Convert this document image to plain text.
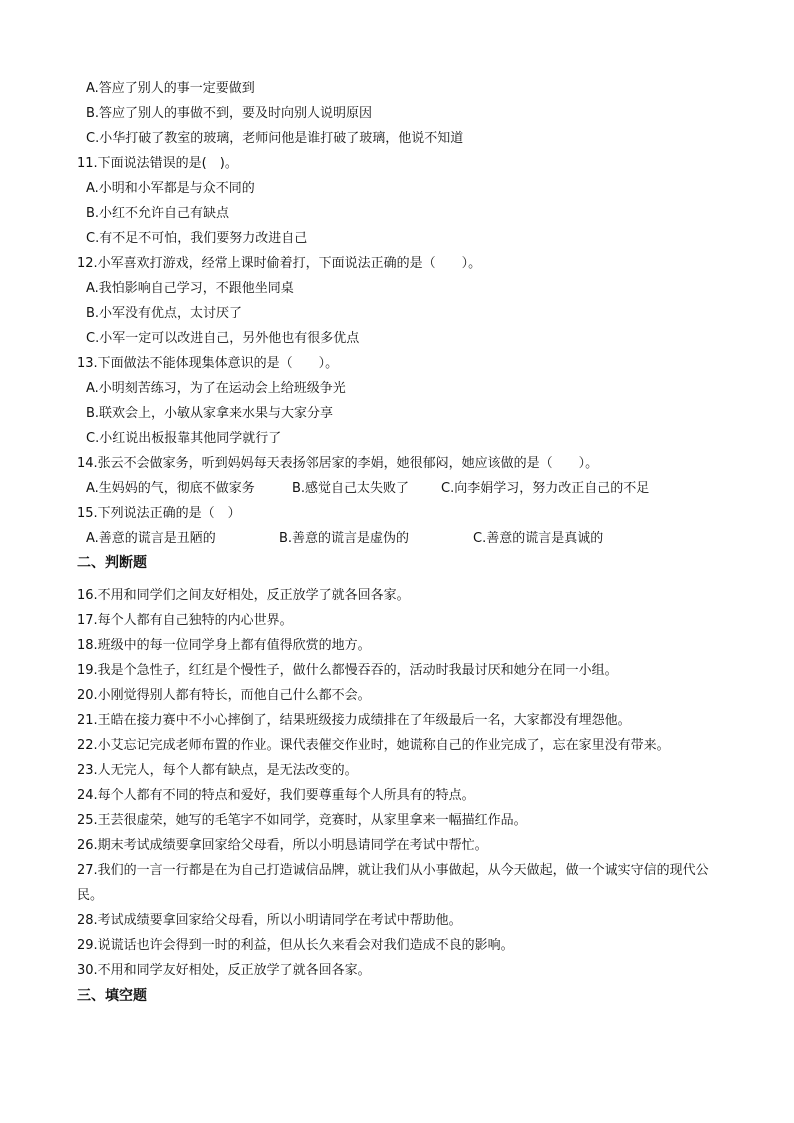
A.答应了别人的事一定要做到
B.答应了别人的事做不到，要及时向别人说明原因
C.小华打破了教室的玻璃，老师问他是谁打破了玻璃，他说不知道
11.下面说法错误的是(　)。
A.小明和小军都是与众不同的
B.小红不允许自己有缺点
C.有不足不可怕，我们要努力改进自己
12.小军喜欢打游戏，经常上课时偷着打，下面说法正确的是（　　）。
A.我怕影响自己学习，不跟他坐同桌
B.小军没有优点，太讨厌了
C.小军一定可以改进自己，另外他也有很多优点
13.下面做法不能体现集体意识的是（　　）。
A.小明刻苦练习，为了在运动会上给班级争光
B.联欢会上，小敏从家拿来水果与大家分享
C.小红说出板报靠其他同学就行了
14.张云不会做家务，听到妈妈每天表扬邻居家的李娟，她很郁闷，她应该做的是（　　）。
A.生妈妈的气，彻底不做家务	B.感觉自己太失败了 C.向李娟学习，努力改正自己的不足
15.下列说法正确的是（　）
A.善意的谎言是丑陋的	B.善意的谎言是虚伪的	C.善意的谎言是真诚的
二、判断题
16.不用和同学们之间友好相处，反正放学了就各回各家。
17.每个人都有自己独特的内心世界。
18.班级中的每一位同学身上都有值得欣赏的地方。
19.我是个急性子，红红是个慢性子，做什么都慢吞吞的，活动时我最讨厌和她分在同一小组。
20.小刚觉得别人都有特长，而他自己什么都不会。
21.王皓在接力赛中不小心摔倒了，结果班级接力成绩排在了年级最后一名，大家都没有埋怨他。
22.小艾忘记完成老师布置的作业。课代表催交作业时，她谎称自己的作业完成了，忘在家里没有带来。
23.人无完人，每个人都有缺点，是无法改变的。
24.每个人都有不同的特点和爱好，我们要尊重每个人所具有的特点。
25.王芸很虚荣，她写的毛笔字不如同学，竞赛时，从家里拿来一幅描红作品。
26.期末考试成绩要拿回家给父母看，所以小明恳请同学在考试中帮忙。
27.我们的一言一行都是在为自己打造诚信品牌，就让我们从小事做起，从今天做起，做一个诚实守信的现代公民。
28.考试成绩要拿回家给父母看，所以小明请同学在考试中帮助他。
29.说谎话也许会得到一时的利益，但从长久来看会对我们造成不良的影响。
30.不用和同学友好相处，反正放学了就各回各家。
三、填空题
